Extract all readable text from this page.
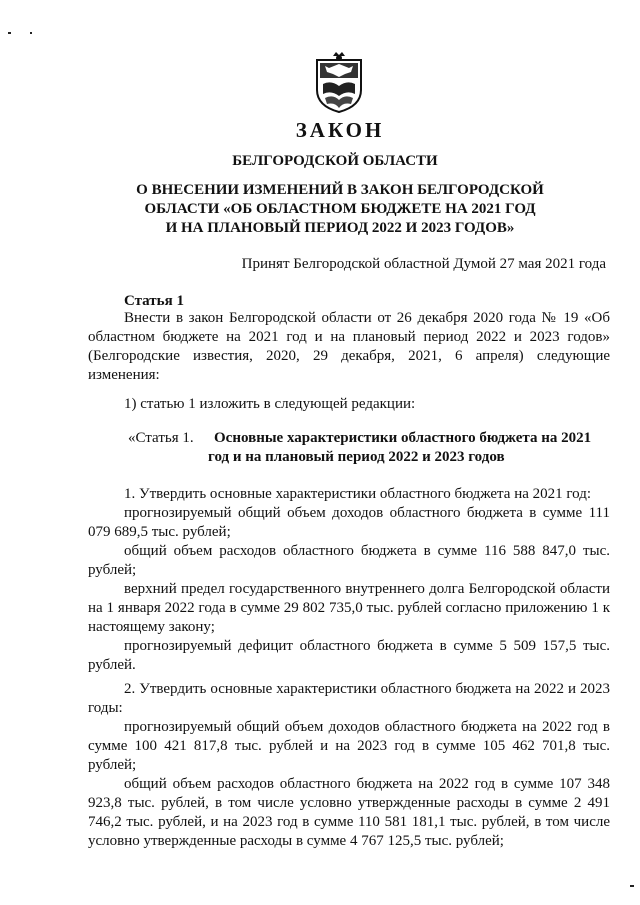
ЗАКОН
БЕЛГОРОДСКОЙ ОБЛАСТИ
О ВНЕСЕНИИ ИЗМЕНЕНИЙ В ЗАКОН БЕЛГОРОДСКОЙ
ОБЛАСТИ «ОБ ОБЛАСТНОМ БЮДЖЕТЕ НА 2021 ГОД
И НА ПЛАНОВЫЙ ПЕРИОД 2022 И 2023 ГОДОВ»
Принят Белгородской областной Думой 27 мая 2021 года
Статья 1
Внести в закон Белгородской области от 26 декабря 2020 года № 19 «Об областном бюджете на 2021 год и на плановый период 2022 и 2023 годов» (Белгородские известия, 2020, 29 декабря, 2021, 6 апреля) следующие изменения:
1) статью 1 изложить в следующей редакции:
«Статья 1. Основные характеристики областного бюджета на 2021
год и на плановый период 2022 и 2023 годов
1. Утвердить основные характеристики областного бюджета на 2021 год:
прогнозируемый общий объем доходов областного бюджета в сумме 111 079 689,5 тыс. рублей;
общий объем расходов областного бюджета в сумме 116 588 847,0 тыс. рублей;
верхний предел государственного внутреннего долга Белгородской области на 1 января 2022 года в сумме 29 802 735,0 тыс. рублей согласно приложению 1 к настоящему закону;
прогнозируемый дефицит областного бюджета в сумме 5 509 157,5 тыс. рублей.
2. Утвердить основные характеристики областного бюджета на 2022 и 2023 годы:
прогнозируемый общий объем доходов областного бюджета на 2022 год в сумме 100 421 817,8 тыс. рублей и на 2023 год в сумме 105 462 701,8 тыс. рублей;
общий объем расходов областного бюджета на 2022 год в сумме 107 348 923,8 тыс. рублей, в том числе условно утвержденные расходы в сумме 2 491 746,2 тыс. рублей, и на 2023 год в сумме 110 581 181,1 тыс. рублей, в том числе условно утвержденные расходы в сумме 4 767 125,5 тыс. рублей;
